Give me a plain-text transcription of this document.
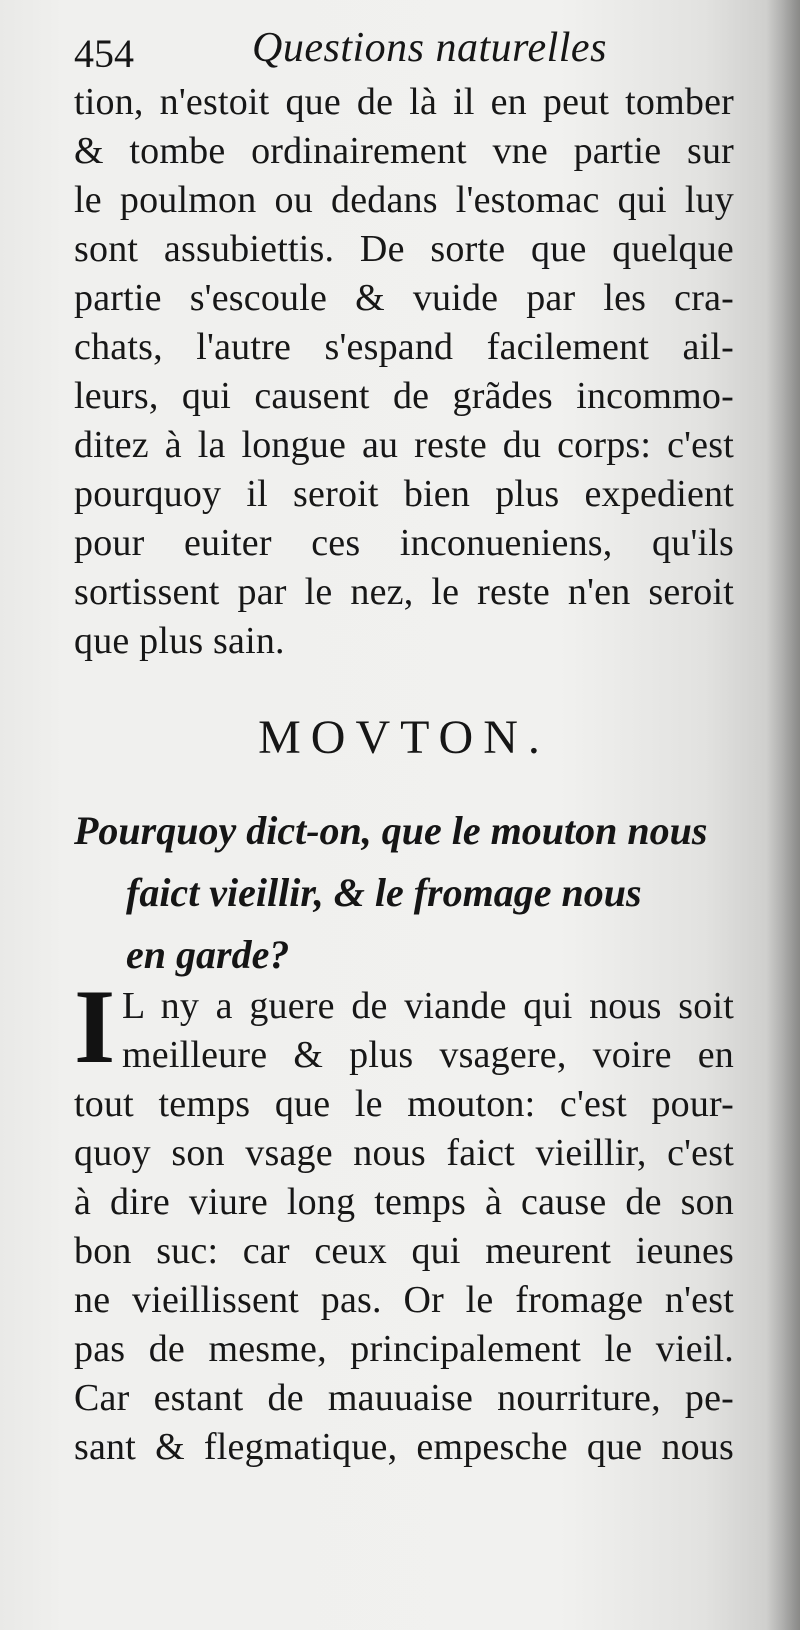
454	Questions naturelles
tion, n'estoit que de là il en peut tomber
& tombe ordinairement vne partie sur
le poulmon ou dedans l'estomac qui luy
sont assubiettis. De sorte que quelque
partie s'escoule & vuide par les cra-
chats, l'autre s'espand facilement ail-
leurs, qui causent de grãdes incommo-
ditez à la longue au reste du corps: c'est
pourquoy il seroit bien plus expedient
pour euiter ces inconueniens, qu'ils
sortissent par le nez, le reste n'en seroit
que plus sain.
MOVTON.
Pourquoy dict-on, que le mouton nous
faict vieillir, & le fromage nous
en garde?
I L ny a guere de viande qui nous soit
meilleure & plus vsagere, voire en
tout temps que le mouton: c'est pour-
quoy son vsage nous faict vieillir, c'est
à dire viure long temps à cause de son
bon suc: car ceux qui meurent ieunes
ne vieillissent pas. Or le fromage n'est
pas de mesme, principalement le vieil.
Car estant de mauuaise nourriture, pe-
sant & flegmatique, empesche que nous
